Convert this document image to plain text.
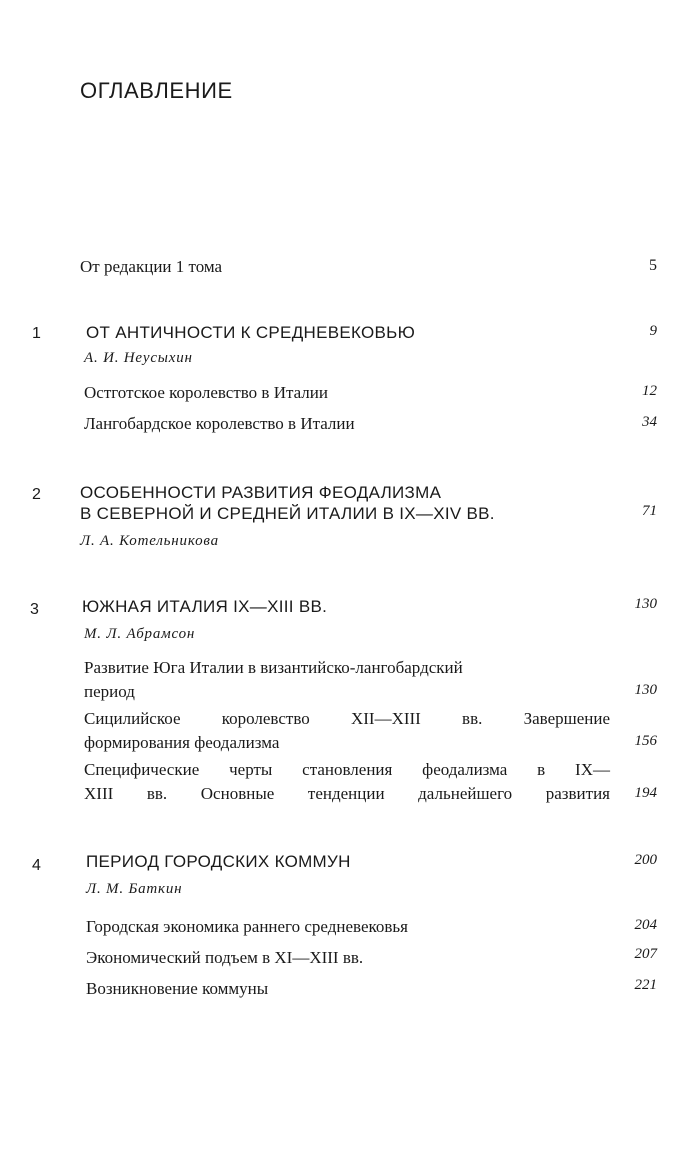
ОГЛАВЛЕНИЕ
От редакции 1 тома	5
1	ОТ АНТИЧНОСТИ К СРЕДНЕВЕКОВЬЮ	9
А. И. Неусыхин
Остготское королевство в Италии	12
Лангобардское королевство в Италии	34
2 ОСОБЕННОСТИ РАЗВИТИЯ ФЕОДАЛИЗМА
В СЕВЕРНОЙ И СРЕДНЕЙ ИТАЛИИ В IX—XIV ВВ.	71
Л. А. Котельникова
3	ЮЖНАЯ ИТАЛИЯ IX—XIII ВВ.	130
М. Л. Абрамсон
Развитие Юга Италии в византийско-лангобардский
период	130
Сицилийское королевство XII—XIII вв. Завершение
формирования феодализма	156
Специфические черты становления феодализма в IX—
XIII вв. Основные тенденции дальнейшего развития	194
4	ПЕРИОД ГОРОДСКИХ КОММУН	200
Л. М. Баткин
Городская экономика раннего средневековья	204
Экономический подъем в XI—XIII вв.	207
Возникновение коммуны	221
